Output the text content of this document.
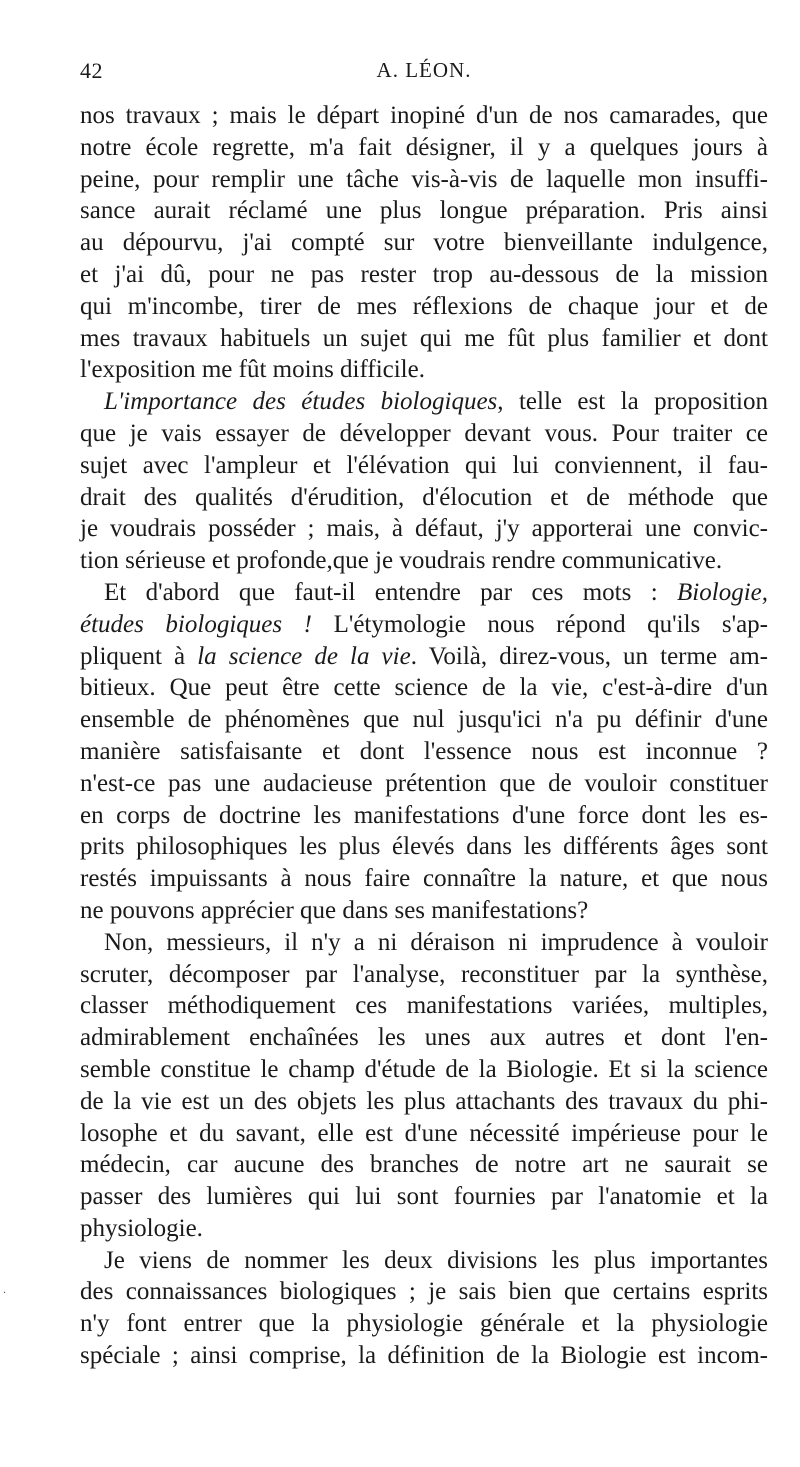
42	A. LÉON.

nos travaux ; mais le départ inopiné d'un de nos camarades, que
notre école regrette, m'a fait désigner, il y a quelques jours à
peine, pour remplir une tâche vis-à-vis de laquelle mon insuffi-
sance aurait réclamé une plus longue préparation. Pris ainsi
au dépourvu, j'ai compté sur votre bienveillante indulgence,
et j'ai dû, pour ne pas rester trop au-dessous de la mission
qui m'incombe, tirer de mes réflexions de chaque jour et de
mes travaux habituels un sujet qui me fût plus familier et dont
l'exposition me fût moins difficile.

L'importance des études biologiques, telle est la proposition
que je vais essayer de développer devant vous. Pour traiter ce
sujet avec l'ampleur et l'élévation qui lui conviennent, il fau-
drait des qualités d'érudition, d'élocution et de méthode que
je voudrais posséder ; mais, à défaut, j'y apporterai une convic-
tion sérieuse et profonde,que je voudrais rendre communicative.

Et d'abord que faut-il entendre par ces mots : Biologie,
études biologiques ! L'étymologie nous répond qu'ils s'ap-
pliquent à la science de la vie. Voilà, direz-vous, un terme am-
bitieux. Que peut être cette science de la vie, c'est-à-dire d'un
ensemble de phénomènes que nul jusqu'ici n'a pu définir d'une
manière satisfaisante et dont l'essence nous est inconnue ?
n'est-ce pas une audacieuse prétention que de vouloir constituer
en corps de doctrine les manifestations d'une force dont les es-
prits philosophiques les plus élevés dans les différents âges sont
restés impuissants à nous faire connaître la nature, et que nous
ne pouvons apprécier que dans ses manifestations?

Non, messieurs, il n'y a ni déraison ni imprudence à vouloir
scruter, décomposer par l'analyse, reconstituer par la synthèse,
classer méthodiquement ces manifestations variées, multiples,
admirablement enchaînées les unes aux autres et dont l'en-
semble constitue le champ d'étude de la Biologie. Et si la science
de la vie est un des objets les plus attachants des travaux du phi-
losophe et du savant, elle est d'une nécessité impérieuse pour le
médecin, car aucune des branches de notre art ne saurait se
passer des lumières qui lui sont fournies par l'anatomie et la
physiologie.

Je viens de nommer les deux divisions les plus importantes
des connaissances biologiques ; je sais bien que certains esprits
n'y font entrer que la physiologie générale et la physiologie
spéciale ; ainsi comprise, la définition de la Biologie est incom-

·
